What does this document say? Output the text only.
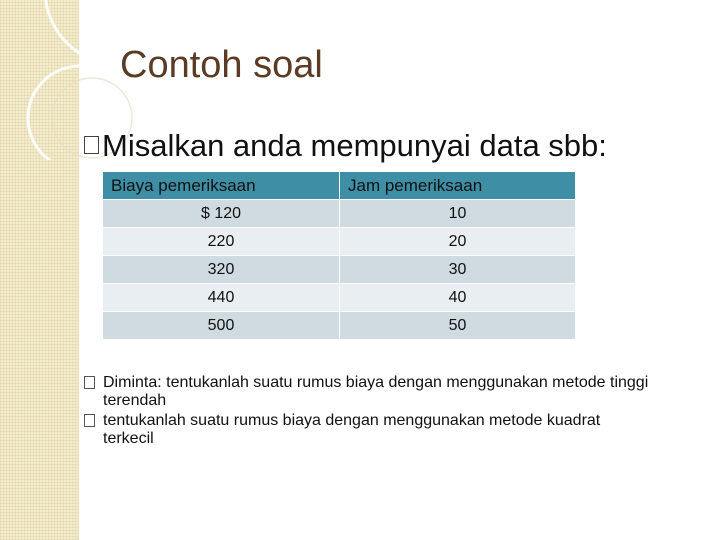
Contoh soal
Misalkan anda mempunyai data sbb:
Biaya pemeriksaan	Jam pemeriksaan
$ 120	10
220	20
320	30
440	40
500	50
Diminta: tentukanlah suatu rumus biaya dengan menggunakan metode tinggi terendah
tentukanlah suatu rumus biaya dengan menggunakan metode kuadrat terkecil
